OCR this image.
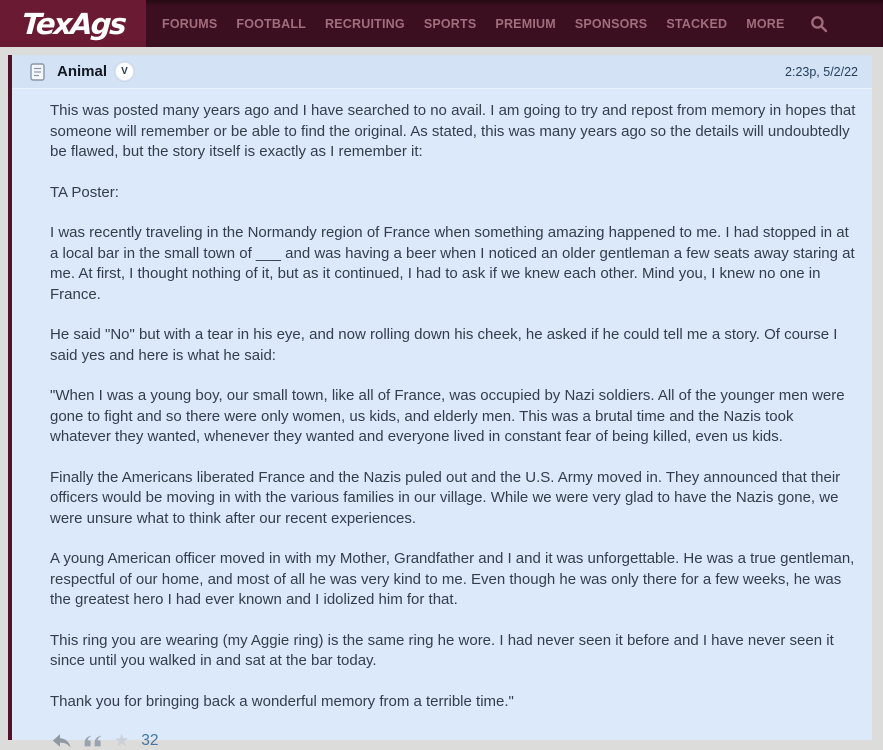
TexAgs	FORUMS FOOTBALL RECRUITING SPORTS PREMIUM SPONSORS STACKED MORE
Animal	V	2:23p, 5/2/22

This was posted many years ago and I have searched to no avail. I am going to try and repost from memory in hopes that someone will remember or be able to find the original. As stated, this was many years ago so the details will undoubtedly be flawed, but the story itself is exactly as I remember it:

TA Poster:

I was recently traveling in the Normandy region of France when something amazing happened to me. I had stopped in at a local bar in the small town of ___ and was having a beer when I noticed an older gentleman a few seats away staring at me. At first, I thought nothing of it, but as it continued, I had to ask if we knew each other. Mind you, I knew no one in France.

He said "No" but with a tear in his eye, and now rolling down his cheek, he asked if he could tell me a story. Of course I said yes and here is what he said:

"When I was a young boy, our small town, like all of France, was occupied by Nazi soldiers. All of the younger men were gone to fight and so there were only women, us kids, and elderly men. This was a brutal time and the Nazis took whatever they wanted, whenever they wanted and everyone lived in constant fear of being killed, even us kids.

Finally the Americans liberated France and the Nazis puled out and the U.S. Army moved in. They announced that their officers would be moving in with the various families in our village. While we were very glad to have the Nazis gone, we were unsure what to think after our recent experiences.

A young American officer moved in with my Mother, Grandfather and I and it was unforgettable. He was a true gentleman, respectful of our home, and most of all he was very kind to me. Even though he was only there for a few weeks, he was the greatest hero I had ever known and I idolized him for that.

This ring you are wearing (my Aggie ring) is the same ring he wore. I had never seen it before and I have never seen it since until you walked in and sat at the bar today.

Thank you for bringing back a wonderful memory from a terrible time."

★ 32
